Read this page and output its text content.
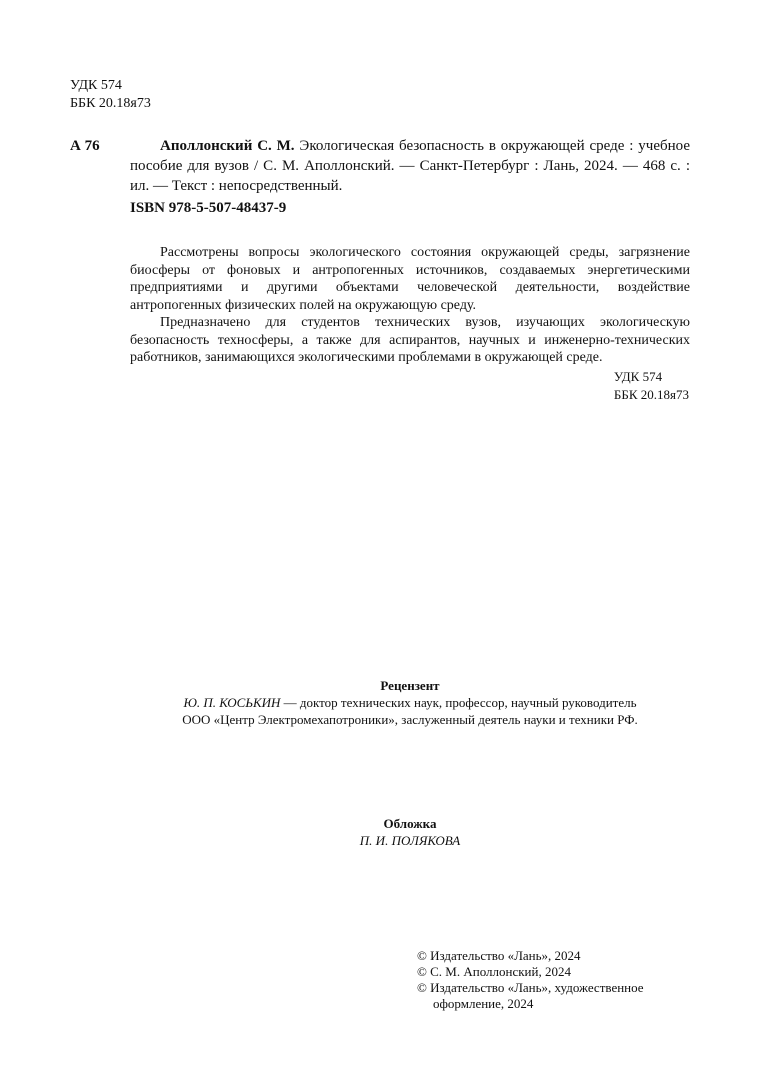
УДК 574
ББК 20.18я73
А 76	Аполлонский С. М. Экологическая безопасность в окружающей среде : учебное пособие для вузов / С. М. Аполлонский. — Санкт-Петербург : Лань, 2024. — 468 с. : ил. — Текст : непосредственный.
ISBN 978-5-507-48437-9

Рассмотрены вопросы экологического состояния окружающей среды, загрязнение биосферы от фоновых и антропогенных источников, создаваемых энергетическими предприятиями и другими объектами человеческой деятельности, воздействие антропогенных физических полей на окружающую среду.

Предназначено для студентов технических вузов, изучающих экологическую безопасность техносферы, а также для аспирантов, научных и инженерно-технических работников, занимающихся экологическими проблемами в окружающей среде.

УДК 574
ББК 20.18я73
Рецензент
Ю. П. КОСЬКИН — доктор технических наук, профессор, научный руководитель
ООО «Центр Электромехапотроники», заслуженный деятель науки и техники РФ.
Обложка
П. И. ПОЛЯКОВА
© Издательство «Лань», 2024
© С. М. Аполлонский, 2024
© Издательство «Лань», художественное
оформление, 2024
